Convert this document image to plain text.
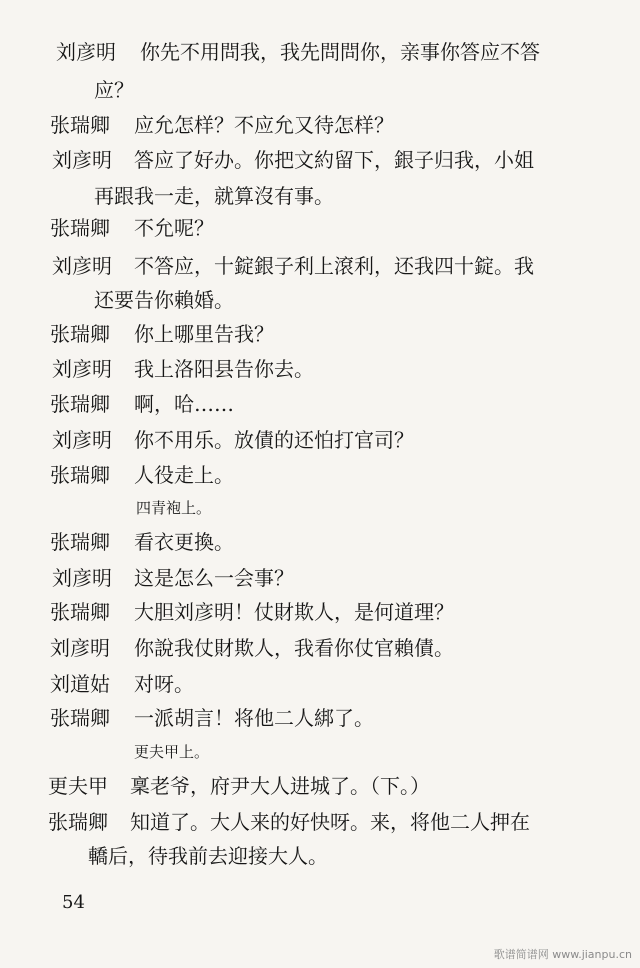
刘彦明 你先不用問我，我先問問你，亲事你答应不答
应？
张瑞卿 应允怎样？不应允又待怎样？
刘彦明 答应了好办。你把文約留下，銀子归我，小姐
再跟我一走，就算沒有事。
张瑞卿 不允呢？
刘彦明 不答应，十錠銀子利上滾利，还我四十錠。我
还要告你賴婚。
张瑞卿 你上哪里告我？
刘彦明 我上洛阳县告你去。
张瑞卿 啊，哈……
刘彦明 你不用乐。放債的还怕打官司？
张瑞卿 人役走上。
四青袍上。
张瑞卿 看衣更換。
刘彦明 这是怎么一会事？
张瑞卿 大胆刘彦明！仗財欺人，是何道理？
刘彦明 你說我仗財欺人，我看你仗官賴債。
刘道姑 对呀。
张瑞卿 一派胡言！将他二人綁了。
更夫甲上。
更夫甲 稟老爷，府尹大人进城了。（下。）
张瑞卿 知道了。大人来的好快呀。来，将他二人押在
轎后，待我前去迎接大人。
54
歌谱简谱网 www.jianpu.cn
